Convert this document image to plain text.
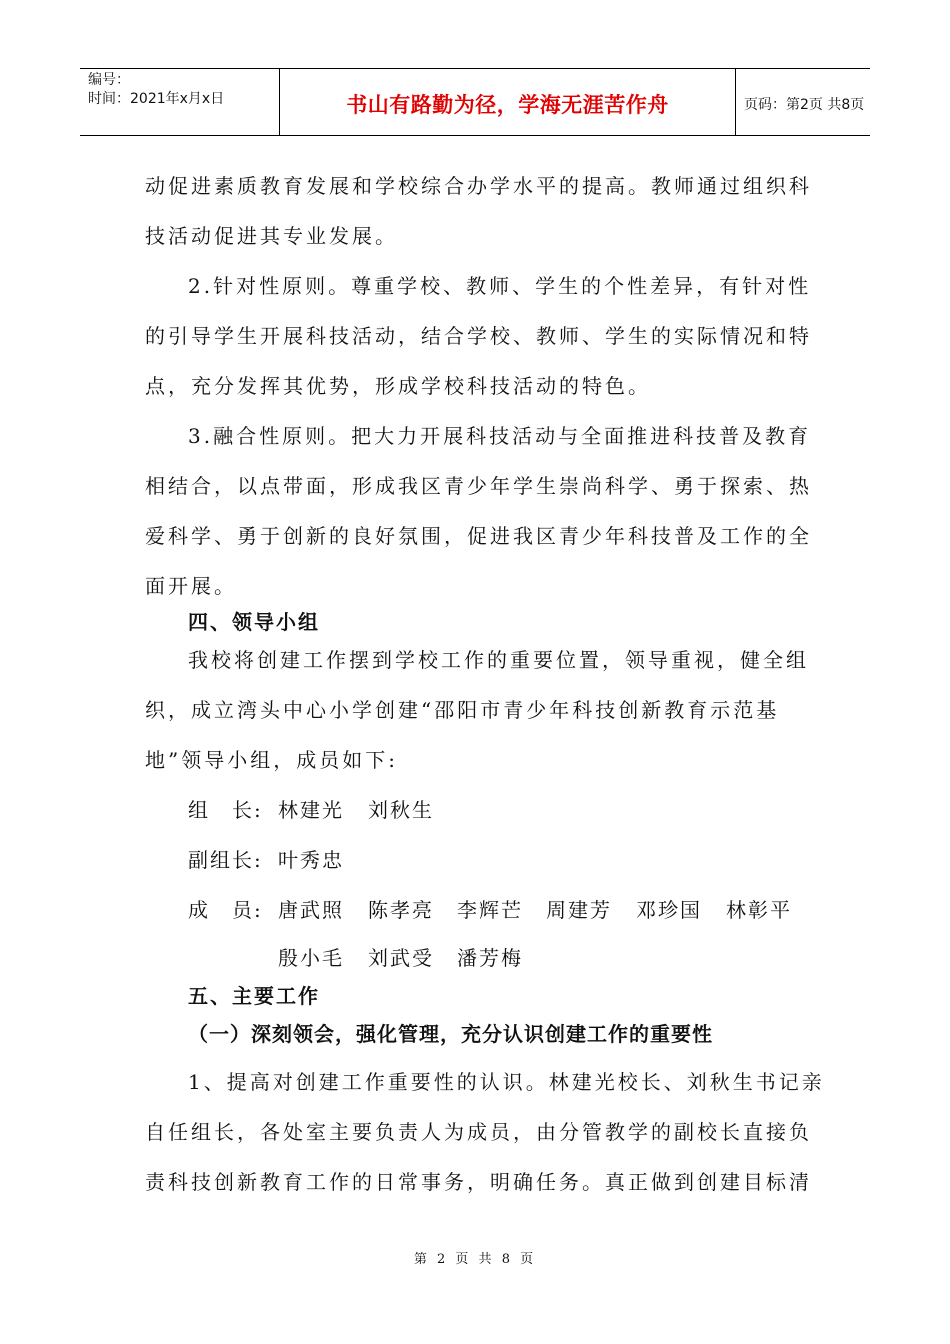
编号：
时间：2021年x月x日	书山有路勤为径，学海无涯苦作舟	页码：第2页 共8页
动促进素质教育发展和学校综合办学水平的提高。教师通过组织科
技活动促进其专业发展。
2.针对性原则。尊重学校、教师、学生的个性差异，有针对性
的引导学生开展科技活动，结合学校、教师、学生的实际情况和特
点，充分发挥其优势，形成学校科技活动的特色。
3.融合性原则。把大力开展科技活动与全面推进科技普及教育
相结合，以点带面，形成我区青少年学生崇尚科学、勇于探索、热
爱科学、勇于创新的良好氛围，促进我区青少年科技普及工作的全
面开展。
四、领导小组
我校将创建工作摆到学校工作的重要位置，领导重视，健全组
织，成立湾头中心小学创建“邵阳市青少年科技创新教育示范基
地”领导小组，成员如下:
组　长: 林建光 刘秋生
副组长: 叶秀忠
成　员: 唐武照 陈孝亮 李辉芒 周建芳 邓珍国 林彰平
殷小毛 刘武受 潘芳梅
五、主要工作
（一）深刻领会，强化管理，充分认识创建工作的重要性
1、提高对创建工作重要性的认识。林建光校长、刘秋生书记亲
自任组长，各处室主要负责人为成员，由分管教学的副校长直接负
责科技创新教育工作的日常事务，明确任务。真正做到创建目标清
第 2 页 共 8 页
